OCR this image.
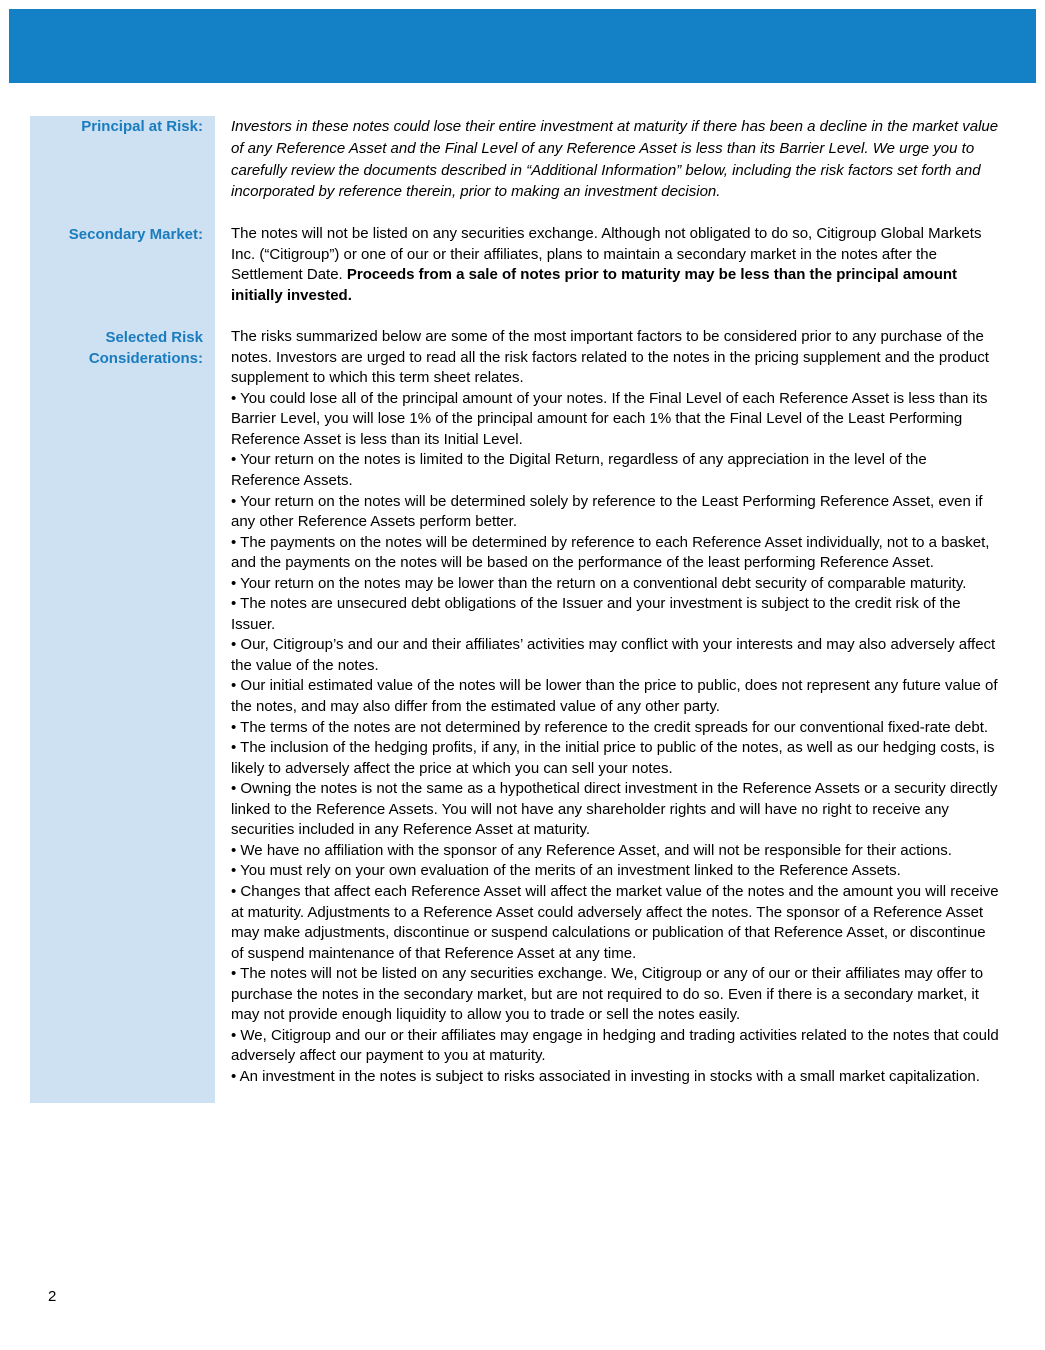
Principal at Risk:	Investors in these notes could lose their entire investment at maturity if there has been a decline in the market value of any Reference Asset and the Final Level of any Reference Asset is less than its Barrier Level. We urge you to carefully review the documents described in “Additional Information” below, including the risk factors set forth and incorporated by reference therein, prior to making an investment decision.
Secondary Market:	The notes will not be listed on any securities exchange. Although not obligated to do so, Citigroup Global Markets Inc. (“Citigroup”) or one of our or their affiliates, plans to maintain a secondary market in the notes after the Settlement Date. Proceeds from a sale of notes prior to maturity may be less than the principal amount initially invested.
Selected Risk Considerations:
The risks summarized below are some of the most important factors to be considered prior to any purchase of the notes. Investors are urged to read all the risk factors related to the notes in the pricing supplement and the product supplement to which this term sheet relates.
• You could lose all of the principal amount of your notes. If the Final Level of each Reference Asset is less than its Barrier Level, you will lose 1% of the principal amount for each 1% that the Final Level of the Least Performing Reference Asset is less than its Initial Level.
• Your return on the notes is limited to the Digital Return, regardless of any appreciation in the level of the Reference Assets.
• Your return on the notes will be determined solely by reference to the Least Performing Reference Asset, even if any other Reference Assets perform better.
• The payments on the notes will be determined by reference to each Reference Asset individually, not to a basket, and the payments on the notes will be based on the performance of the least performing Reference Asset.
• Your return on the notes may be lower than the return on a conventional debt security of comparable maturity.
• The notes are unsecured debt obligations of the Issuer and your investment is subject to the credit risk of the Issuer.
• Our, Citigroup’s and our and their affiliates’ activities may conflict with your interests and may also adversely affect the value of the notes.
• Our initial estimated value of the notes will be lower than the price to public, does not represent any future value of the notes, and may also differ from the estimated value of any other party.
• The terms of the notes are not determined by reference to the credit spreads for our conventional fixed-rate debt.
• The inclusion of the hedging profits, if any, in the initial price to public of the notes, as well as our hedging costs, is likely to adversely affect the price at which you can sell your notes.
• Owning the notes is not the same as a hypothetical direct investment in the Reference Assets or a security directly linked to the Reference Assets. You will not have any shareholder rights and will have no right to receive any securities included in any Reference Asset at maturity.
• We have no affiliation with the sponsor of any Reference Asset, and will not be responsible for their actions.
• You must rely on your own evaluation of the merits of an investment linked to the Reference Assets.
• Changes that affect each Reference Asset will affect the market value of the notes and the amount you will receive at maturity. Adjustments to a Reference Asset could adversely affect the notes. The sponsor of a Reference Asset may make adjustments, discontinue or suspend calculations or publication of that Reference Asset, or discontinue of suspend maintenance of that Reference Asset at any time.
• The notes will not be listed on any securities exchange. We, Citigroup or any of our or their affiliates may offer to purchase the notes in the secondary market, but are not required to do so. Even if there is a secondary market, it may not provide enough liquidity to allow you to trade or sell the notes easily.
• We, Citigroup and our or their affiliates may engage in hedging and trading activities related to the notes that could adversely affect our payment to you at maturity.
• An investment in the notes is subject to risks associated in investing in stocks with a small market capitalization.
2
